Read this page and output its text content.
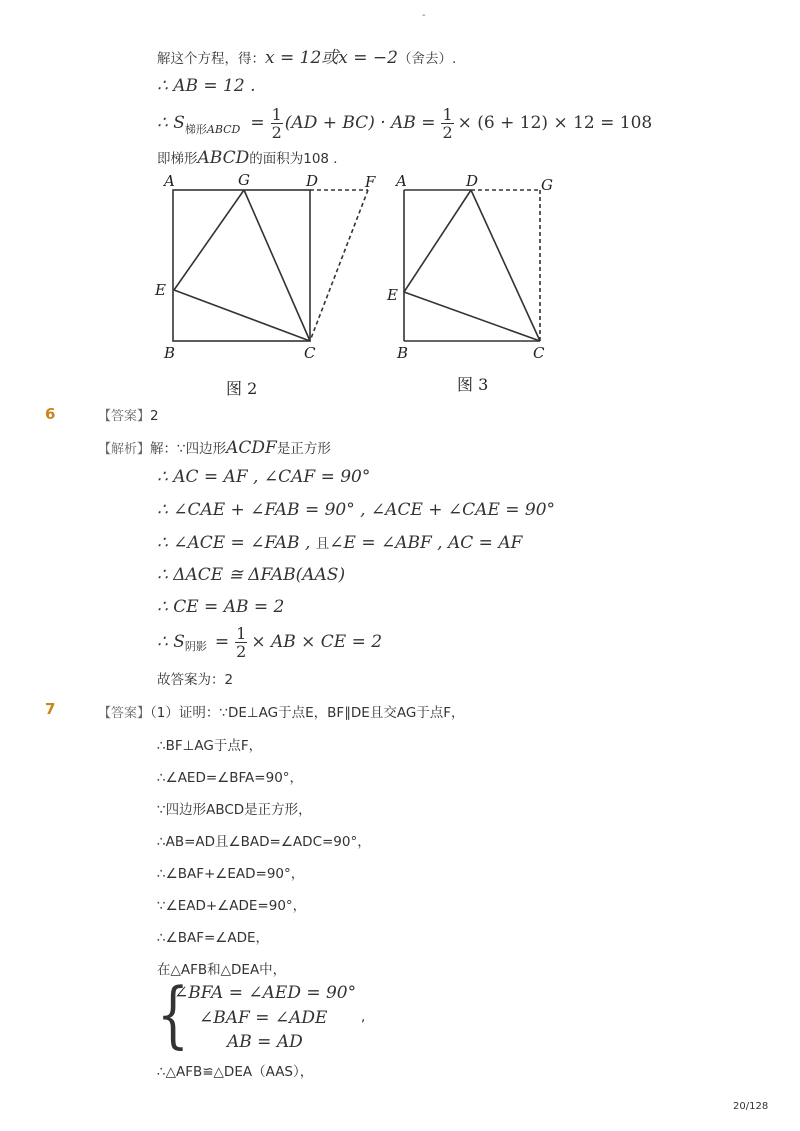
-
解这个方程，得：x = 12或x = −2（舍去）.
∴ AB = 12 .
∴ S 梯形ABCD = $\frac{1}{2} (AD + BC)$ · AB = $\frac{1}{2} \times (6 + 12) \times 12 = 108$
即梯形ABCD的面积为108 .
A	G	D	F
E
B	C
图 2
A	D	G
E
B	C
图 3
6	【答案】2
【解析】解：∵四边形ACDF是正方形
∴ AC = AF , ∠CAF = 90°
∴ ∠CAE + ∠FAB = 90° , ∠ACE + ∠CAE = 90°
∴ ∠ACE = ∠FAB , 且∠E = ∠ABF , AC = AF
∴ ΔACE ≅ ΔFAB(AAS)
∴ CE = AB = 2
∴ S 阴影 = $\frac{1}{2}$ × AB × CE = 2
故答案为：2
7	【答案】（1）证明：∵DE⊥AG于点E，BF∥DE且交AG于点F，
∴BF⊥AG于点F，
∴∠AED=∠BFA=90°，
∵四边形ABCD是正方形，
∴AB=AD且∠BAD=∠ADC=90°，
∴∠BAF+∠EAD=90°，
∵∠EAD+∠ADE=90°，
∴∠BAF=∠ADE，
在△AFB和△DEA中，
{
∠BFA = ∠AED = 90°
∠BAF = ∠ADE
AB = AD
,
∴△AFB≌△DEA（AAS），
20/128
